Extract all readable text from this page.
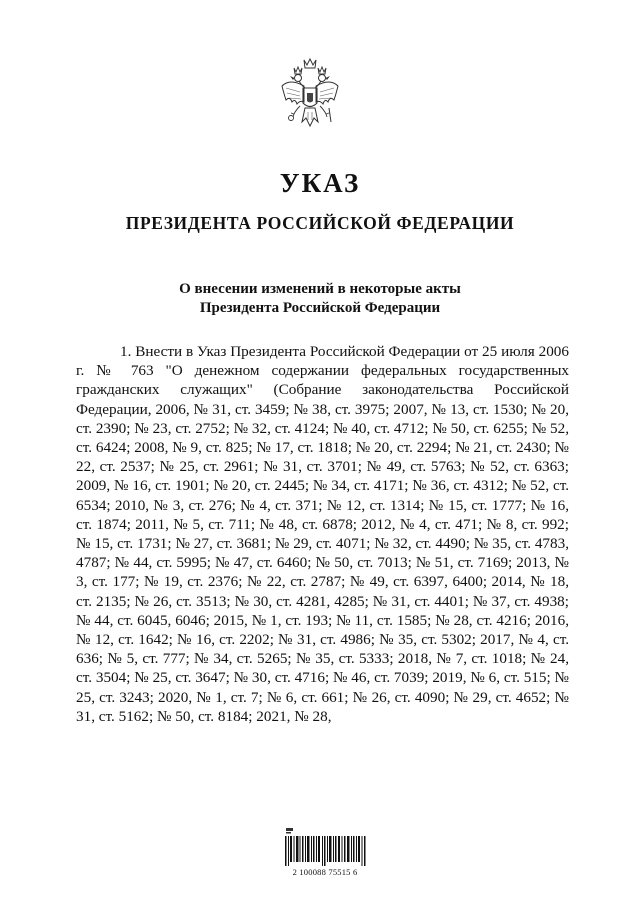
УКАЗ
ПРЕЗИДЕНТА РОССИЙСКОЙ ФЕДЕРАЦИИ
О внесении изменений в некоторые акты
Президента Российской Федерации

1. Внести в Указ Президента Российской Федерации от 25 июля 2006 г. № 763 "О денежном содержании федеральных государственных гражданских служащих" (Собрание законодательства Российской Федерации, 2006, № 31, ст. 3459; № 38, ст. 3975; 2007, № 13, ст. 1530; № 20, ст. 2390; № 23, ст. 2752; № 32, ст. 4124; № 40, ст. 4712; № 50, ст. 6255; № 52, ст. 6424; 2008, № 9, ст. 825; № 17, ст. 1818; № 20, ст. 2294; № 21, ст. 2430; № 22, ст. 2537; № 25, ст. 2961; № 31, ст. 3701; № 49, ст. 5763; № 52, ст. 6363; 2009, № 16, ст. 1901; № 20, ст. 2445; № 34, ст. 4171; № 36, ст. 4312; № 52, ст. 6534; 2010, № 3, ст. 276; № 4, ст. 371; № 12, ст. 1314; № 15, ст. 1777; № 16, ст. 1874; 2011, № 5, ст. 711; № 48, ст. 6878; 2012, № 4, ст. 471; № 8, ст. 992; № 15, ст. 1731; № 27, ст. 3681; № 29, ст. 4071; № 32, ст. 4490; № 35, ст. 4783, 4787; № 44, ст. 5995; № 47, ст. 6460; № 50, ст. 7013; № 51, ст. 7169; 2013, № 3, ст. 177; № 19, ст. 2376; № 22, ст. 2787; № 49, ст. 6397, 6400; 2014, № 18, ст. 2135; № 26, ст. 3513; № 30, ст. 4281, 4285; № 31, ст. 4401; № 37, ст. 4938; № 44, ст. 6045, 6046; 2015, № 1, ст. 193; № 11, ст. 1585; № 28, ст. 4216; 2016, № 12, ст. 1642; № 16, ст. 2202; № 31, ст. 4986; № 35, ст. 5302; 2017, № 4, ст. 636; № 5, ст. 777; № 34, ст. 5265; № 35, ст. 5333; 2018, № 7, ст. 1018; № 24, ст. 3504; № 25, ст. 3647; № 30, ст. 4716; № 46, ст. 7039; 2019, № 6, ст. 515; № 25, ст. 3243; 2020, № 1, ст. 7; № 6, ст. 661; № 26, ст. 4090; № 29, ст. 4652; № 31, ст. 5162; № 50, ст. 8184; 2021, № 28,

2 100088 75515 6
